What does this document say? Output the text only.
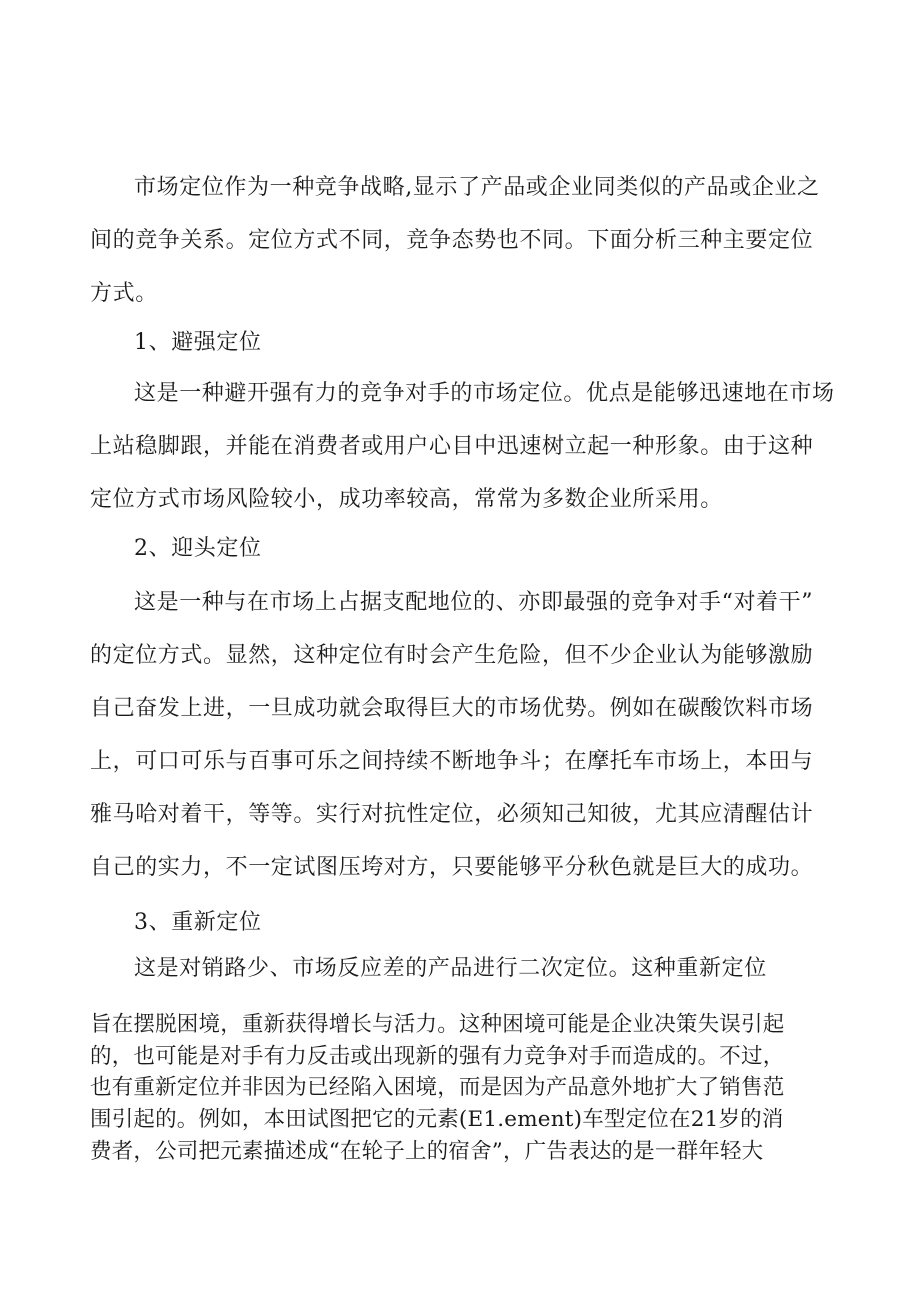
市场定位作为一种竞争战略,显示了产品或企业同类似的产品或企业之
间的竞争关系。定位方式不同，竞争态势也不同。下面分析三种主要定位
方式。
1、避强定位
这是一种避开强有力的竞争对手的市场定位。优点是能够迅速地在市场
上站稳脚跟，并能在消费者或用户心目中迅速树立起一种形象。由于这种
定位方式市场风险较小，成功率较高，常常为多数企业所采用。
2、迎头定位
这是一种与在市场上占据支配地位的、亦即最强的竞争对手“对着干”
的定位方式。显然，这种定位有时会产生危险，但不少企业认为能够激励
自己奋发上进，一旦成功就会取得巨大的市场优势。例如在碳酸饮料市场
上，可口可乐与百事可乐之间持续不断地争斗；在摩托车市场上，本田与
雅马哈对着干，等等。实行对抗性定位，必须知己知彼，尤其应清醒估计
自己的实力，不一定试图压垮对方，只要能够平分秋色就是巨大的成功。
3、重新定位
这是对销路少、市场反应差的产品进行二次定位。这种重新定位
旨在摆脱困境，重新获得增长与活力。这种困境可能是企业决策失误引起
的，也可能是对手有力反击或出现新的强有力竞争对手而造成的。不过，
也有重新定位并非因为已经陷入困境，而是因为产品意外地扩大了销售范
围引起的。例如，本田试图把它的元素(E1.ement)车型定位在21岁的消
费者，公司把元素描述成“在轮子上的宿舍”，广告表达的是一群年轻大
